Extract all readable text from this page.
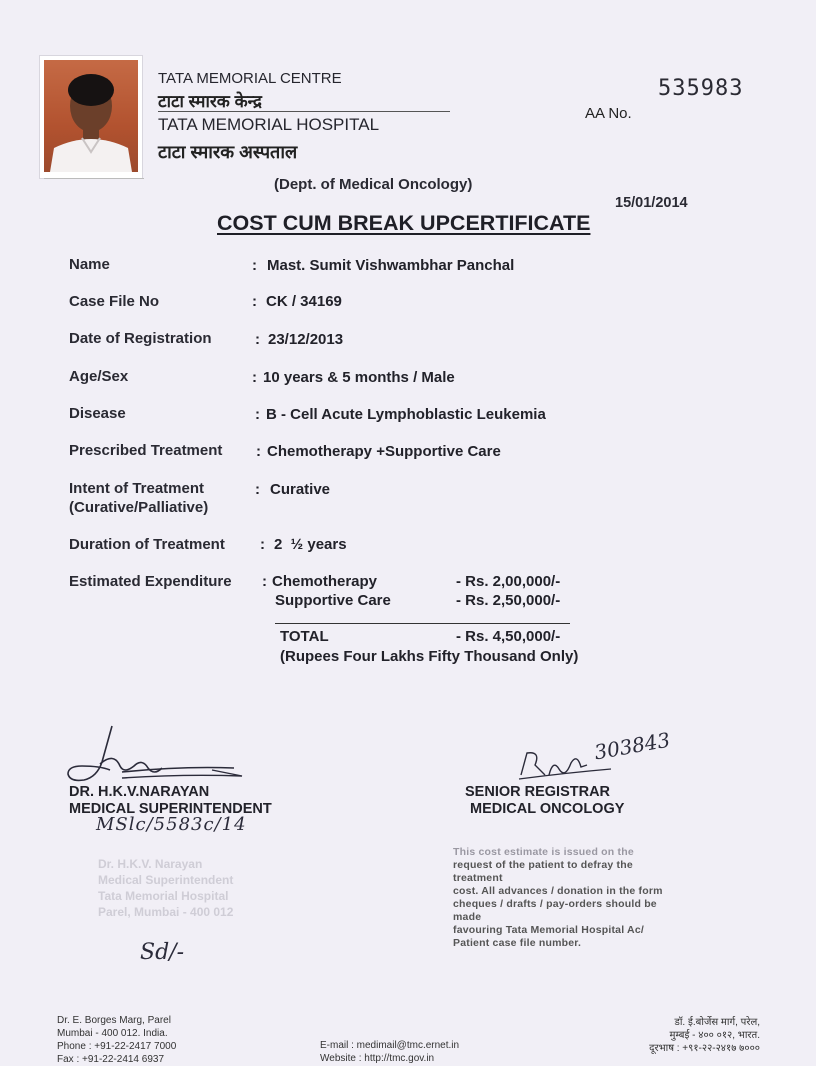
TATA MEMORIAL CENTRE
टाटा स्मारक केन्द्र
TATA MEMORIAL HOSPITAL
टाटा स्मारक अस्पताल
535983
AA No.
(Dept. of Medical Oncology)
15/01/2014
COST CUM BREAK UPCERTIFICATE
Name	: Mast. Sumit Vishwambhar Panchal
Case File No	: CK / 34169
Date of Registration	: 23/12/2013
Age/Sex	: 10 years & 5 months / Male
Disease	: B - Cell Acute Lymphoblastic Leukemia
Prescribed Treatment : Chemotherapy +Supportive Care
Intent of Treatment
(Curative/Palliative)
: Curative
Duration of Treatment : 2  ½ years
Estimated Expenditure : Chemotherapy	- Rs. 2,00,000/-
Supportive Care	- Rs. 2,50,000/-
TOTAL	- Rs. 4,50,000/-
(Rupees Four Lakhs Fifty Thousand Only)
DR. H.K.V.NARAYAN
MEDICAL SUPERINTENDENT
MSlc/5583c/14
303843
SENIOR REGISTRAR
MEDICAL ONCOLOGY
Dr. H.K.V. Narayan
Medical Superintendent
Tata Memorial Hospital
Parel, Mumbai - 400 012
This cost estimate is issued on the
request of the patient to defray the treatment
cost. All advances / donation in the form
cheques / drafts / pay-orders should be made
favouring Tata Memorial Hospital Ac/
Patient case file number.
Sd/-
Dr. E. Borges Marg, Parel
Mumbai - 400 012. India.
Phone : +91-22-2417 7000
Fax : +91-22-2414 6937
E-mail : medimail@tmc.ernet.in
Website : http://tmc.gov.in
डॉ. ई.बोर्जेस मार्ग, परेल,
मुम्बई - ४०० ०१२, भारत.
दूरभाष : +९१-२२-२४१७ ७०००
